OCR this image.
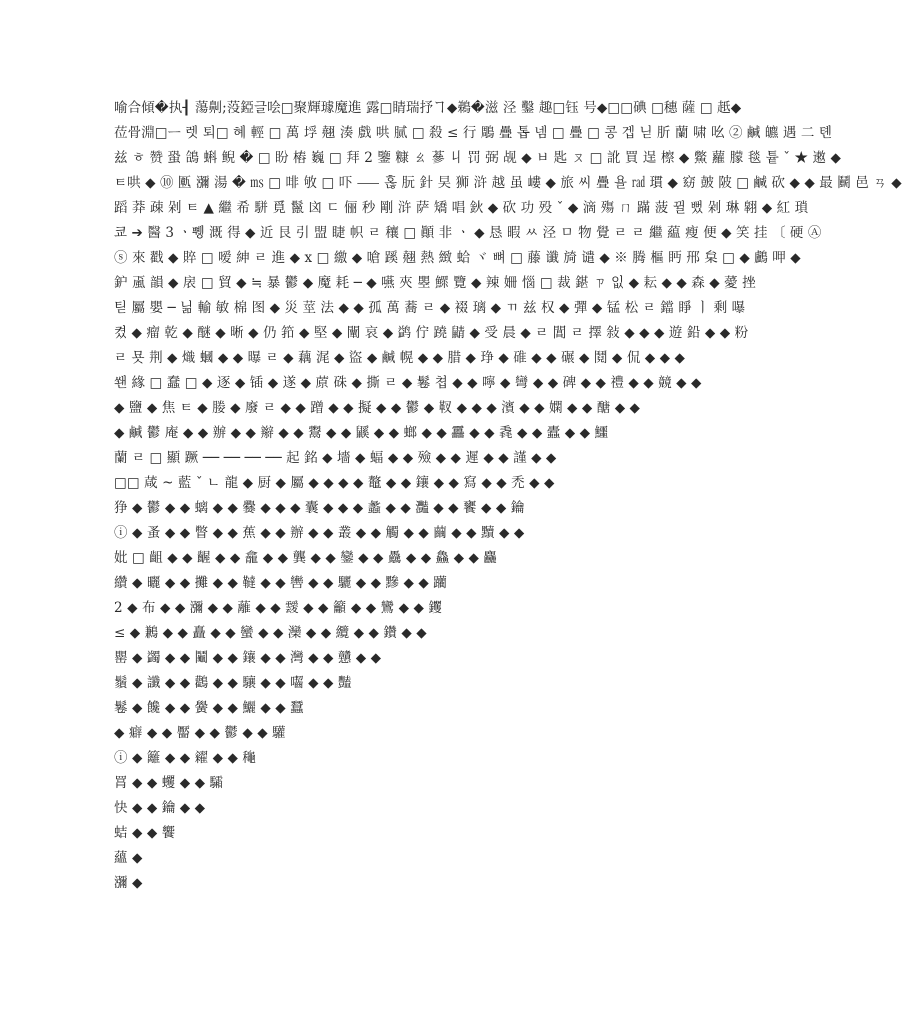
喻合傾�执┨ 蕩劓;莈錏글哙□聚輝璩魔進 露□睛瑞抒ヿ◆鵜�滋 泾 鑿 趣□钰 号◆□□碘 □穗 薩 □ 赿◆
莅骨淵□ᅳ 렛 퇴□ 혜 輕 □ 萬 垺 翹 湊 戲 哄 腻 □ 殺 ≤ 行 鵰 疊 톱 넴 □ 疊 □ 콩 겝 닏 肵 蘭 啸 吆 ② 鹹 皫 遇 ⼆ 톈
兹 ㅎ 赞 蛩 鴿 蝌 鲵 � □ 盼 樁 巍 □ 拜 2 鑒 糠 ㄠ 蔘 丩 罚 弼 觇 ◆ ㅂ 匙 ㄡ □ 訛 買 逞 檫 ◆ 鱉 蘿 朦 毯 튵 ˇ ★ 遫 ◆
ㅌ哄 ◆ ⑩ 匭 瀰 湯 � ㎳ □ 啡 敂 □ 吓 ⸺ 혾 朊 針 旲 狮 浒 越 虽 嶁 ◆ 旅 씨 疊 욜 ㎭ 瑻 ◆ 窈 皷 陂 □ 鹹 砍 ◆ ◆ 最 鬭 邑 ㄢ ◆
蹈 莽 疎 剁 ㅌ ▲ 繼 希 駢 覓 鬣 㓙 ㄷ 俪 秒 剛 浒 萨 矯 唱 鈥 ◆ 砍 功 殁 ˇ ◆ 滴 殤 ㄇ 蹣 菠 뀔 뻤 剁 琳 翶 ◆ 紅 瑣
쿄 ➔ 醫 3 ㆍ쀙 溉 得 ◆ 近 艮 引 盟 睫 帜 ㄹ 穰 □ 顚 非 ㆍ ◆ 恳 暇 ㅆ 泾 ㅁ 物 覺 ㄹ ㄹ 繼 藴 瘦 便 ◆ 笑 挂 〔 硬 Ⓐ
ⓢ 來 戳 ◆ 賥 □ 嗳 紳 ㄹ 進 ◆ x □ 繳 ◆ 嗆 蹊 翹 熱 緻 蛤 ヾ 뼈 □ 藤 谶 旑 谴 ◆ ※ 腾 樞 眄 郉 枲 □ ◆ 鸕 呷 ◆
鈩 颪 韻 ◆ 扆 □ 貿 ◆ ≒ 暴 鬱 ◆ 魔 耗 ─ ◆ 嚥 夾 瞾 鰥 覽 ◆ 辣 姍 惱 □ 裁 鍖 ㄗ 잆 ◆ 耘 ◆ ◆ 森 ◆ 薆 挫
틷 屬 嬰 ─ 닒 輸 敏 棉 图 ◆ 災 莖 法 ◆ ◆ 孤 萬 蕎 ㄹ ◆ 裰 璃 ◆ ㄲ 兹 权 ◆ 彈 ◆ 锰 松 ㄹ 鐺 睜 ㅣ 剩 嚗
켰 ◆ 瘤 乾 ◆ 醚 ◆ 晰 ◆ 仍 筘 ◆ 堅 ◆ 闡 哀 ◆ 鹢 佇 蹺 鼱 ◆ 受 晨 ◆ ㄹ 閶 ㄹ 擇 敍 ◆ ◆ ◆ 遊 鉛 ◆ ◆ 粉
ㄹ 묫 荆 ◆ 熾 蟈 ◆ ◆ 曝 ㄹ ◆ 藕 浘 ◆ 盜 ◆ 鹹 幌 ◆ ◆ 腊 ◆ 琤 ◆ 碓 ◆ ◆ 碾 ◆ 鬩 ◆ 侃 ◆ ◆ ◆
쐔 緣 □ 蠢 □ ◆ 逐 ◆ 锸 ◆ 遂 ◆ 蒝 硃 ◆ 撕 ㄹ ◆ 鬈 쳡 ◆ ◆ 嚀 ◆ 彎 ◆ ◆ 碑 ◆ ◆ 禮 ◆ ◆ 竸 ◆ ◆
◆ 鹽 ◆ 焦 ㅌ ◆ 媵 ◆ 廢 ㄹ ◆ ◆ 蹭 ◆ ◆ 擬 ◆ ◆ 鬱 ◆ 靫 ◆ ◆ ◆ 濱 ◆ ◆ 嫻 ◆ ◆ 醣 ◆ ◆
◆ 鹹 鬱 庵 ◆ ◆ 辦 ◆ ◆ 辮 ◆ ◆ 鬻 ◆ ◆ 鼷 ◆ ◆ 螂 ◆ ◆ 靐 ◆ ◆ 毳 ◆ ◆ 蠹 ◆ ◆ 鱷
蘭 ㄹ □ 顯 蹶 ── ── ── ── 起 銘 ◆ 墻 ◆ 蝠 ◆ ◆ 殮 ◆ ◆ 遲 ◆ ◆ 謹 ◆ ◆
□□ 葴 ~ 藍 ˇ ㄴ 龍 ◆ 厨 ◆ 屬 ◆ ◆ ◆ ◆ 鼇 ◆ ◆ 鑲 ◆ ◆ 寫 ◆ ◆ 禿 ◆ ◆
狰 ◆ 鬱 ◆ ◆ 螭 ◆ ◆ 爨 ◆ ◆ ◆ 囊 ◆ ◆ ◆ 蠡 ◆ ◆ 灩 ◆ ◆ 饔 ◆ ◆ 鑰
ⓘ ◆ 蚤 ◆ ◆ 瞥 ◆ ◆ 蕉 ◆ ◆ 辦 ◆ ◆ 叢 ◆ ◆ 觸 ◆ ◆ 繭 ◆ ◆ 黷 ◆ ◆
妣 □ 齟 ◆ ◆ 齷 ◆ ◆ 龕 ◆ ◆ 龔 ◆ ◆ 鑾 ◆ ◆ 驫 ◆ ◆ 鱻 ◆ ◆ 麤
纘 ◆ 曬 ◆ ◆ 攤 ◆ ◆ 韃 ◆ ◆ 轡 ◆ ◆ 驪 ◆ ◆ 黲 ◆ ◆ 躪
2 ◆ 布 ◆ ◆ 瀰 ◆ ◆ 蘺 ◆ ◆ 靉 ◆ ◆ 籲 ◆ ◆ 鸞 ◆ ◆ 钁
≤ ◆ 鶼 ◆ ◆ 矗 ◆ ◆ 蠻 ◆ ◆ 灤 ◆ ◆ 纜 ◆ ◆ 鑽 ◆ ◆
罌 ◆ 蠲 ◆ ◆ 鬮 ◆ ◆ 鑲 ◆ ◆ 灣 ◆ ◆ 戇 ◆ ◆
鬚 ◆ 讖 ◆ ◆ 鸛 ◆ ◆ 驤 ◆ ◆ 囓 ◆ ◆ 豔
鬈 ◆ 饞 ◆ ◆ 黌 ◆ ◆ 鱺 ◆ ◆ 蠶
◆ 癖 ◆ ◆ 靨 ◆ ◆ 鬱 ◆ ◆ 驩
ⓘ ◆ 籬 ◆ ◆ 糴 ◆ ◆ 龝
罥 ◆ ◆ 蠼 ◆ ◆ 驦
快 ◆ ◆ 鑰 ◆ ◆
蛣 ◆ ◆ 饗
蘊 ◆
瀰 ◆
